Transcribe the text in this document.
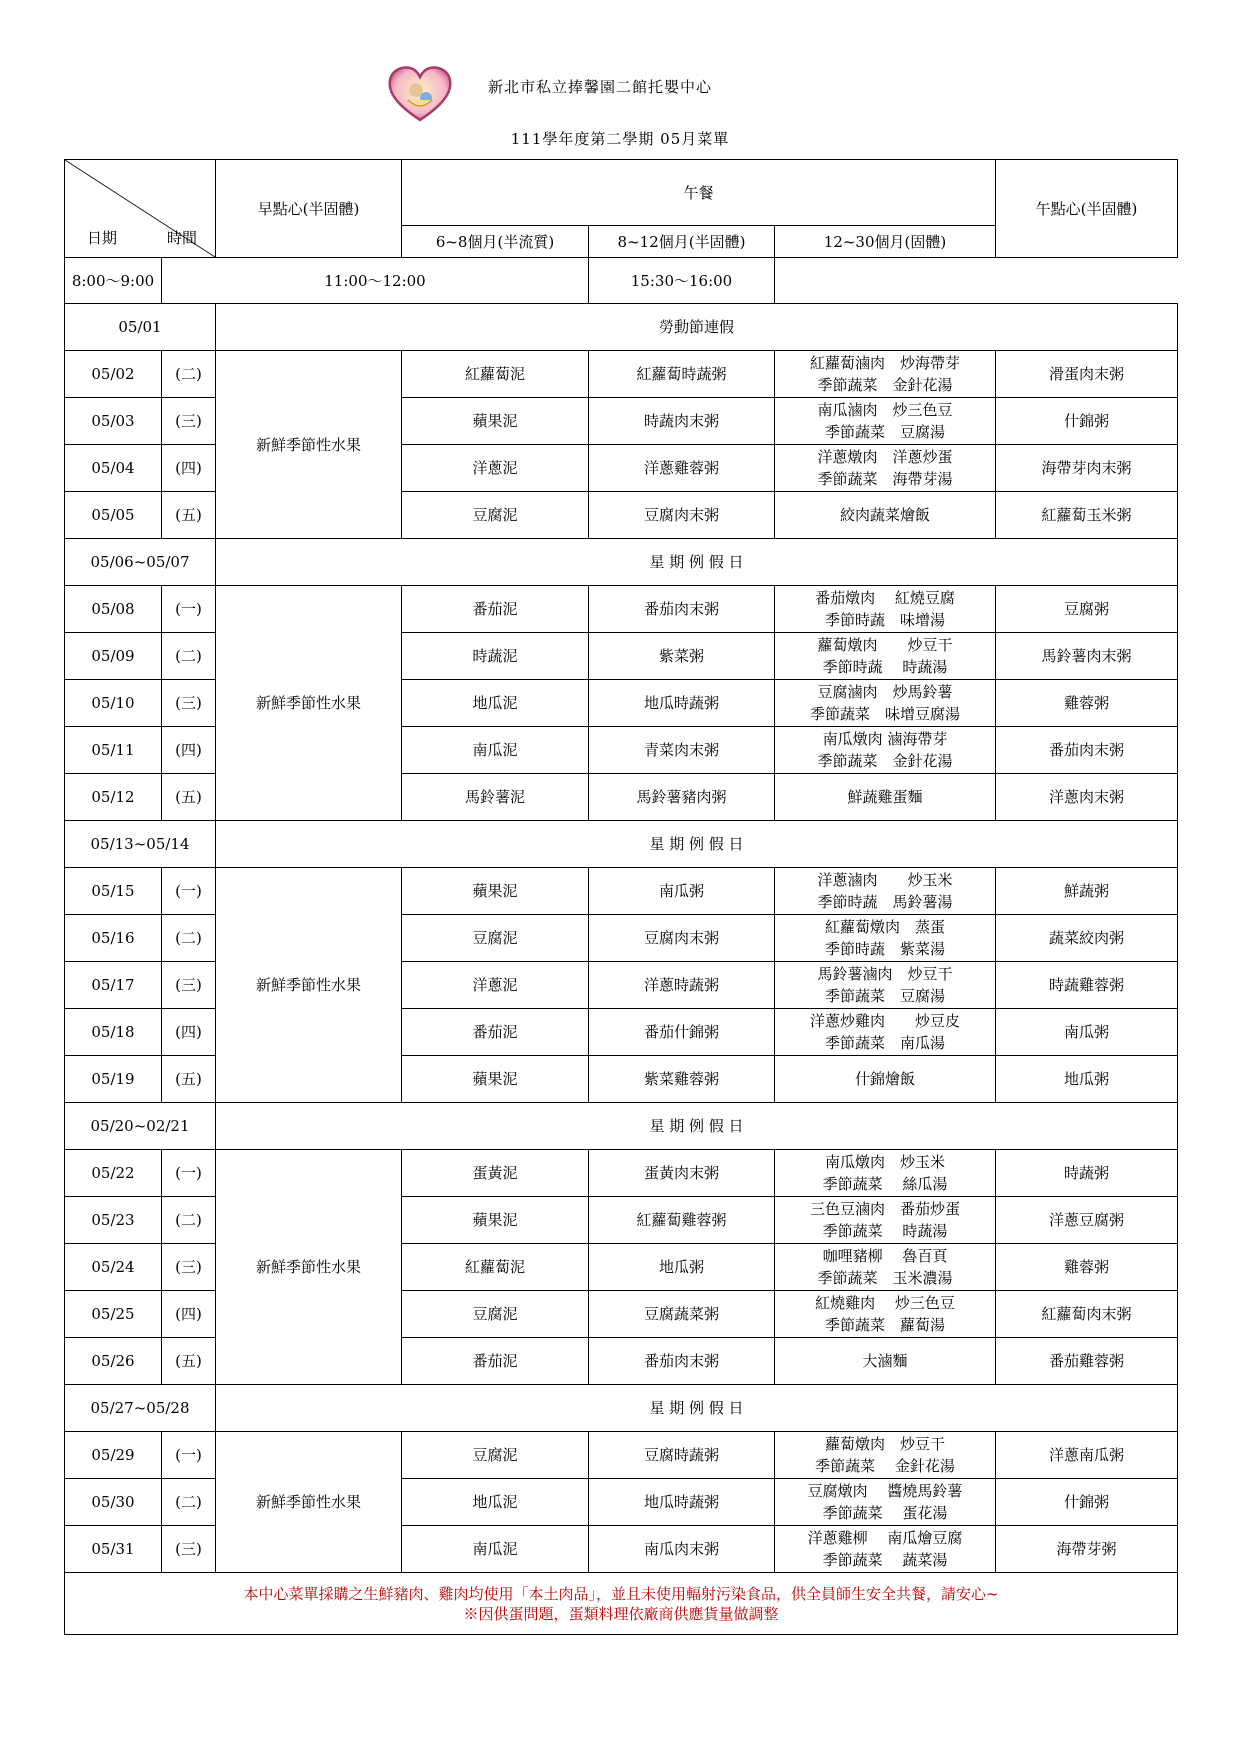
新北市私立捧馨園二館托嬰中心
111學年度第二學期 05月菜單
日期 時間		早點心(半固體)	午餐			午點心(半固體)
			6~8個月(半流質)	8~12個月(半固體)	12~30個月(固體)	
8:00～9:00	11:00～12:00			15:30～16:00		
05/01		勞動節連假				
05/02	(二)	新鮮季節性水果	紅蘿蔔泥	紅蘿蔔時蔬粥	紅蘿蔔滷肉　炒海帶芽
季節蔬菜　金針花湯	滑蛋肉末粥
05/03	(三)		蘋果泥	時蔬肉末粥	南瓜滷肉　炒三色豆
季節蔬菜　豆腐湯	什錦粥
05/04	(四)		洋蔥泥	洋蔥雞蓉粥	洋蔥燉肉　洋蔥炒蛋
季節蔬菜　海帶芽湯	海帶芽肉末粥
05/05	(五)		豆腐泥	豆腐肉末粥	絞肉蔬菜燴飯	紅蘿蔔玉米粥
05/06~05/07		星 期 例 假 日				
05/08	(一)	新鮮季節性水果	番茄泥	番茄肉末粥	番茄燉肉　 紅燒豆腐
季節時蔬　味增湯	豆腐粥
05/09	(二)		時蔬泥	紫菜粥	蘿蔔燉肉　　炒豆干
季節時蔬　 時蔬湯	馬鈴薯肉末粥
05/10	(三)		地瓜泥	地瓜時蔬粥	豆腐滷肉　炒馬鈴薯
季節蔬菜　味增豆腐湯	雞蓉粥
05/11	(四)		南瓜泥	青菜肉末粥	南瓜燉肉 滷海帶芽
季節蔬菜　金針花湯	番茄肉末粥
05/12	(五)		馬鈴薯泥	馬鈴薯豬肉粥	鮮蔬雞蛋麵	洋蔥肉末粥
05/13~05/14		星 期 例 假 日				
05/15	(一)	新鮮季節性水果	蘋果泥	南瓜粥	洋蔥滷肉　　炒玉米
季節時蔬　馬鈴薯湯	鮮蔬粥
05/16	(二)		豆腐泥	豆腐肉末粥	紅蘿蔔燉肉　蒸蛋
季節時蔬　紫菜湯	蔬菜絞肉粥
05/17	(三)		洋蔥泥	洋蔥時蔬粥	馬鈴薯滷肉　炒豆干
季節蔬菜　豆腐湯	時蔬雞蓉粥
05/18	(四)		番茄泥	番茄什錦粥	洋蔥炒雞肉　　炒豆皮
季節蔬菜　南瓜湯	南瓜粥
05/19	(五)		蘋果泥	紫菜雞蓉粥	什錦燴飯	地瓜粥
05/20~02/21		星 期 例 假 日				
05/22	(一)	新鮮季節性水果	蛋黃泥	蛋黃肉末粥	南瓜燉肉　炒玉米
季節蔬菜　 絲瓜湯	時蔬粥
05/23	(二)		蘋果泥	紅蘿蔔雞蓉粥	三色豆滷肉　番茄炒蛋
季節蔬菜　 時蔬湯	洋蔥豆腐粥
05/24	(三)		紅蘿蔔泥	地瓜粥	咖哩豬柳　 魯百頁
季節蔬菜　玉米濃湯	雞蓉粥
05/25	(四)		豆腐泥	豆腐蔬菜粥	紅燒雞肉　 炒三色豆
季節蔬菜　蘿蔔湯	紅蘿蔔肉末粥
05/26	(五)		番茄泥	番茄肉末粥	大滷麵	番茄雞蓉粥
05/27~05/28		星 期 例 假 日				
05/29	(一)	新鮮季節性水果	豆腐泥	豆腐時蔬粥	蘿蔔燉肉　炒豆干
季節蔬菜　 金針花湯	洋蔥南瓜粥
05/30	(二)		地瓜泥	地瓜時蔬粥	豆腐燉肉　 醬燒馬鈴薯
季節蔬菜　 蛋花湯	什錦粥
05/31	(三)		南瓜泥	南瓜肉末粥	洋蔥雞柳　 南瓜燴豆腐
季節蔬菜　 蔬菜湯	海帶芽粥

本中心菜單採購之生鮮豬肉、雞肉均使用「本土肉品」，並且未使用輻射污染食品，供全員師生安全共餐，請安心~
※因供蛋問題，蛋類料理依廠商供應貨量做調整						
